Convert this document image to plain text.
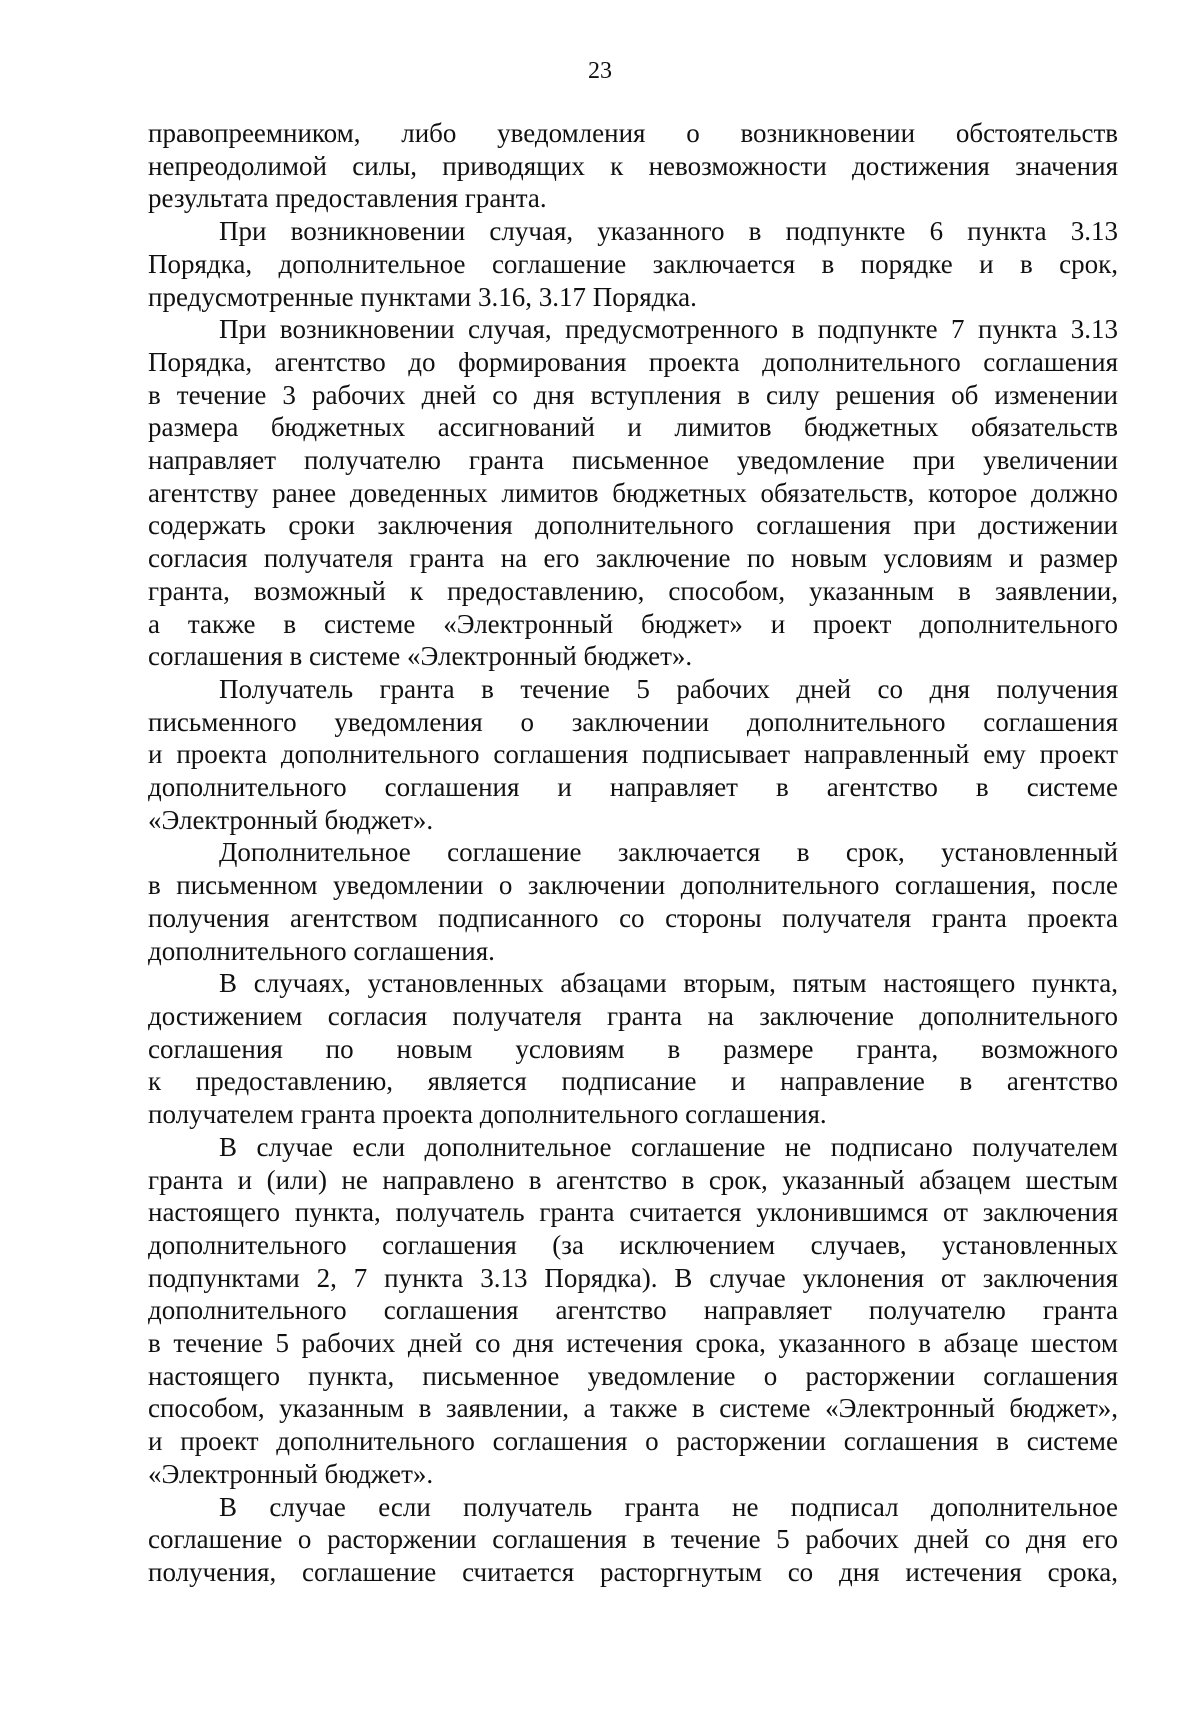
23
правопреемником, либо уведомления о возникновении обстоятельств
непреодолимой силы, приводящих к невозможности достижения значения
результата предоставления гранта.
При возникновении случая, указанного в подпункте 6 пункта 3.13
Порядка, дополнительное соглашение заключается в порядке и в срок,
предусмотренные пунктами 3.16, 3.17 Порядка.
При возникновении случая, предусмотренного в подпункте 7 пункта 3.13
Порядка, агентство до формирования проекта дополнительного соглашения
в течение 3 рабочих дней со дня вступления в силу решения об изменении
размера бюджетных ассигнований и лимитов бюджетных обязательств
направляет получателю гранта письменное уведомление при увеличении
агентству ранее доведенных лимитов бюджетных обязательств, которое должно
содержать сроки заключения дополнительного соглашения при достижении
согласия получателя гранта на его заключение по новым условиям и размер
гранта, возможный к предоставлению, способом, указанным в заявлении,
а также в системе «Электронный бюджет» и проект дополнительного
соглашения в системе «Электронный бюджет».
Получатель гранта в течение 5 рабочих дней со дня получения
письменного уведомления о заключении дополнительного соглашения
и проекта дополнительного соглашения подписывает направленный ему проект
дополнительного соглашения и направляет в агентство в системе
«Электронный бюджет».
Дополнительное соглашение заключается в срок, установленный
в письменном уведомлении о заключении дополнительного соглашения, после
получения агентством подписанного со стороны получателя гранта проекта
дополнительного соглашения.
В случаях, установленных абзацами вторым, пятым настоящего пункта,
достижением согласия получателя гранта на заключение дополнительного
соглашения по новым условиям в размере гранта, возможного
к предоставлению, является подписание и направление в агентство
получателем гранта проекта дополнительного соглашения.
В случае если дополнительное соглашение не подписано получателем
гранта и (или) не направлено в агентство в срок, указанный абзацем шестым
настоящего пункта, получатель гранта считается уклонившимся от заключения
дополнительного соглашения (за исключением случаев, установленных
подпунктами 2, 7 пункта 3.13 Порядка). В случае уклонения от заключения
дополнительного соглашения агентство направляет получателю гранта
в течение 5 рабочих дней со дня истечения срока, указанного в абзаце шестом
настоящего пункта, письменное уведомление о расторжении соглашения
способом, указанным в заявлении, а также в системе «Электронный бюджет»,
и проект дополнительного соглашения о расторжении соглашения в системе
«Электронный бюджет».
В случае если получатель гранта не подписал дополнительное
соглашение о расторжении соглашения в течение 5 рабочих дней со дня его
получения, соглашение считается расторгнутым со дня истечения срока,
